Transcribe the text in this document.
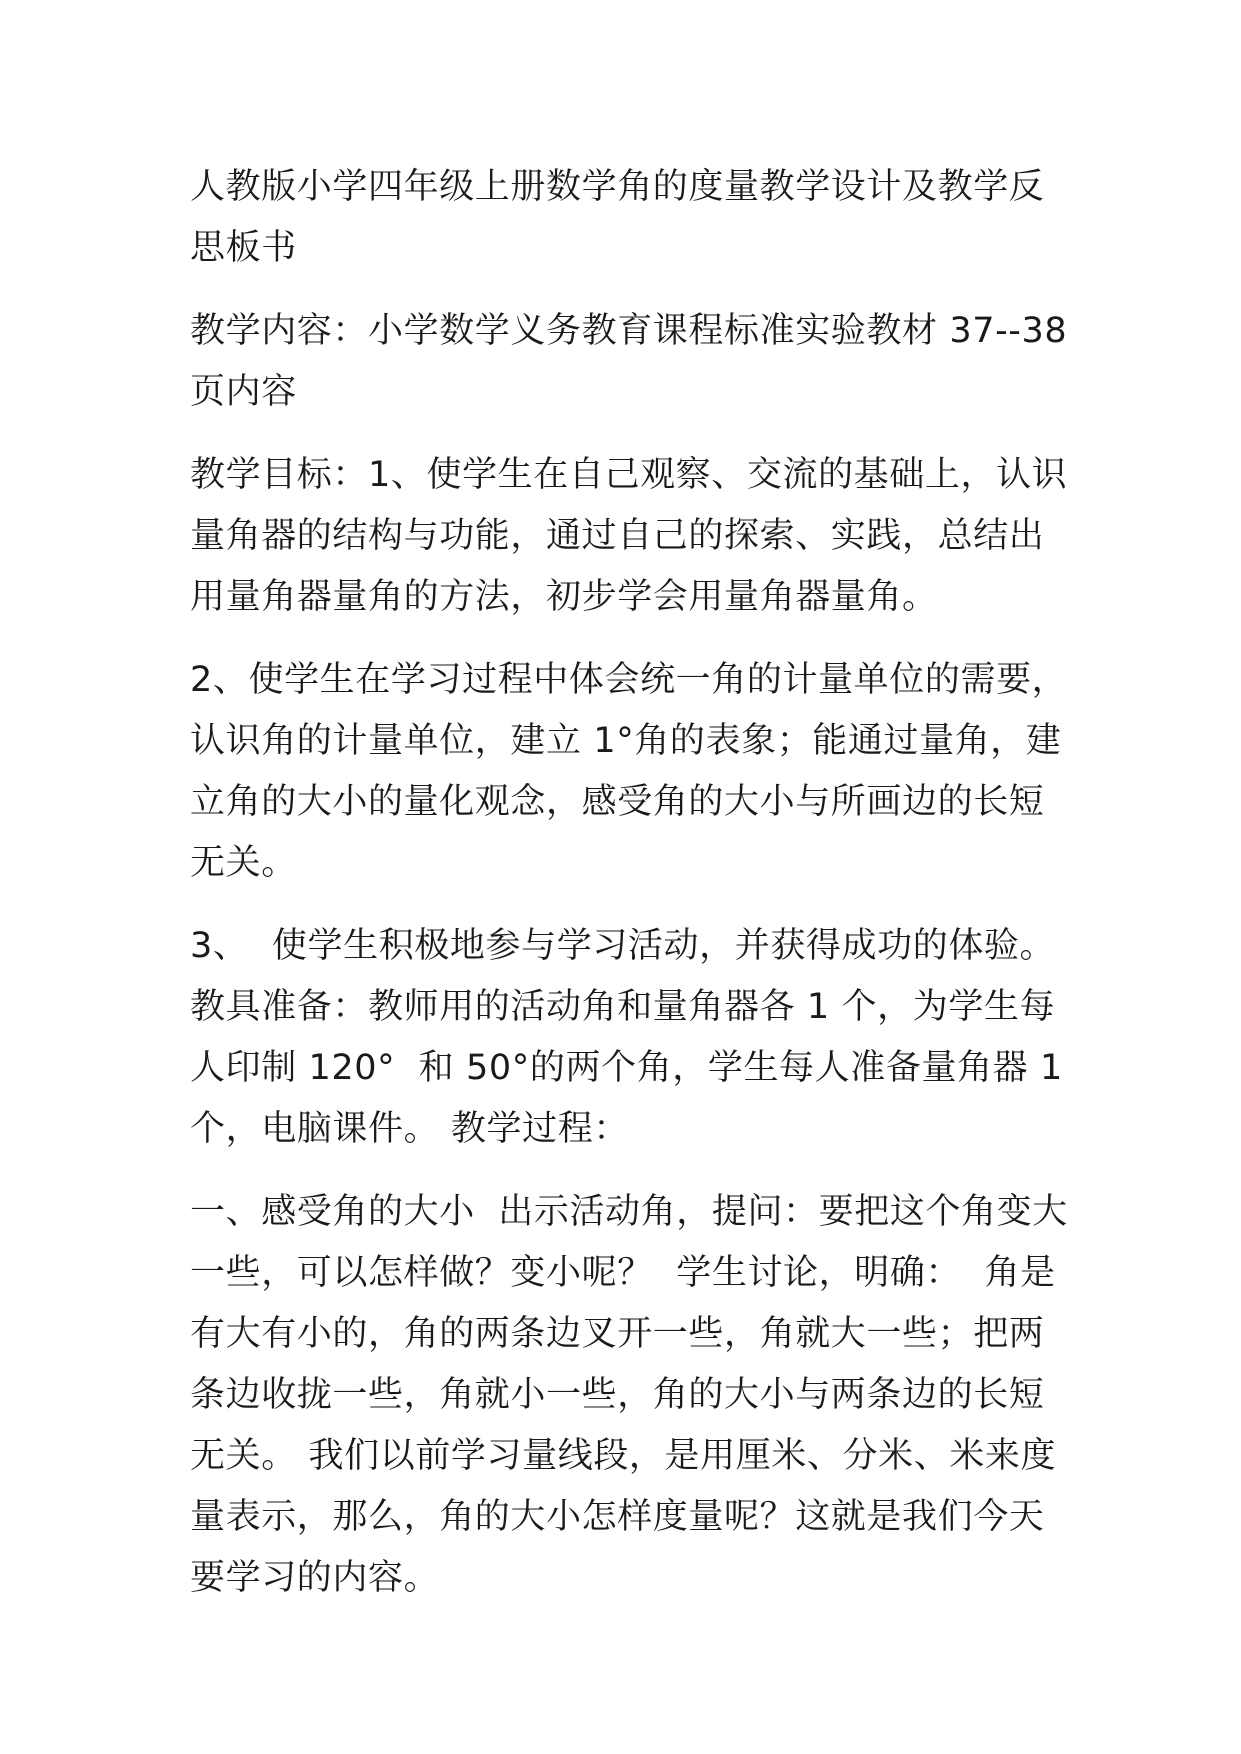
人教版小学四年级上册数学角的度量教学设计及教学反思板书

教学内容：小学数学义务教育课程标准实验教材 37--38 页内容

教学目标：1、使学生在自己观察、交流的基础上，认识量角器的结构与功能，通过自己的探索、实践，总结出用量角器量角的方法，初步学会用量角器量角。

2、使学生在学习过程中体会统一角的计量单位的需要，认识角的计量单位，建立 1°角的表象；能通过量角，建立角的大小的量化观念，感受角的大小与所画边的长短无关。

3、  使学生积极地参与学习活动，并获得成功的体验。 教具准备：教师用的活动角和量角器各 1 个，为学生每人印制 120°  和 50°的两个角，学生每人准备量角器 1 个，电脑课件。 教学过程：

一、感受角的大小  出示活动角，提问：要把这个角变大一些，可以怎样做？变小呢？  学生讨论，明确：  角是有大有小的，角的两条边叉开一些，角就大一些；把两条边收拢一些，角就小一些，角的大小与两条边的长短无关。 我们以前学习量线段，是用厘米、分米、米来度量表示，那么，角的大小怎样度量呢？这就是我们今天要学习的内容。
